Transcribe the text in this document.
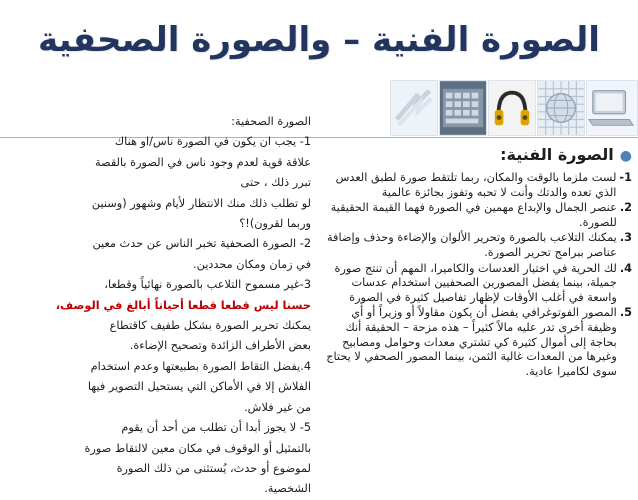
الصورة الفنية – والصورة الصحفية

الصورة الصحفية:

1- يجب ان يكون في الصورة ناس/او هناك

علاقة قوية لعدم وجود ناس في الصورة بالقصة

تبرر ذلك ، حتى

لو تطلب ذلك منك الانتظار لأيام وشهور (وسنين

وربما لقرون)!؟

2- الصورة الصحفية تخبر الناس عن حدث معين

في زمان ومكان محددين.

3-غير مسموح التلاعب بالصورة نهائياً وقطعا،

حسنا ليس قطعا قطعا أحياناً أبالغ في الوصف،

يمكنك تحرير الصورة بشكل طفيف كاقتطاع

بعض الأطراف الزائدة وتصحيح الإضاءة.

4.يفضل التقاط الصورة بطبيعتها وعدم استخدام

الفلاش إلا في الأماكن التي يستحيل التصوير فيها

من غير فلاش.

5- لا يجوز أبدا أن تطلب من أحد أن يقوم

بالتمثيل أو الوقوف في مكان معين لالتقاط صورة

لموضوع أو حدث، يُستثنى من ذلك الصورة

الشخصية.

●الصورة الفنية:

1-
لست ملزما بالوقت والمكان، ربما تلتقط صورة لطبق العدس الذي تعده والدتك وأنت لا تحبه وتفوز بجائزة عالمية
2.
عنصر الجمال والإبداع مهمين في الصورة فهما القيمة الحقيقية للصورة.
3.
يمكنك التلاعب بالصورة وتحرير الألوان والإضاءة وحذف وإضافة عناصر ببرامج تحرير الصورة.
4.
لك الحرية في اختيار العدسات والكاميرا، المهم أن تنتج صورة جميلة، بينما يفضل المصورين الصحفيين استخدام عدسات واسعة في أغلب الأوقات لإظهار تفاصيل كثيرة في الصورة
5.
المصور الفوتوغرافي يفضل أن يكون مقاولاً أو وزيراً أو أي وظيفة أخرى تدر عليه مالاً كثيراً – هذه مزحة – الحقيقة أنك بحاجة إلى أموال كثيرة كي تشتري معدات وحوامل ومصابيح وغيرها من المعدات غالية الثمن، بينما المصور الصحفي لا يحتاج سوى لكاميرا عادية.
